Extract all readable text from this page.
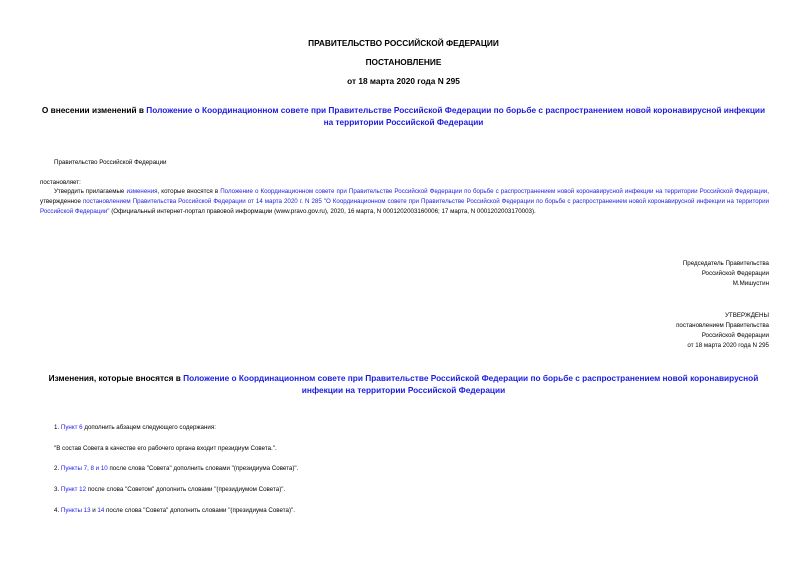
ПРАВИТЕЛЬСТВО РОССИЙСКОЙ ФЕДЕРАЦИИ
ПОСТАНОВЛЕНИЕ
от 18 марта 2020 года N 295
О внесении изменений в Положение о Координационном совете при Правительстве Российской Федерации по борьбе с распространением новой коронавирусной инфекции на территории Российской Федерации
Правительство Российской Федерации
постановляет:
Утвердить прилагаемые изменения, которые вносятся в Положение о Координационном совете при Правительстве Российской Федерации по борьбе с распространением новой коронавирусной инфекции на территории Российской Федерации, утвержденное постановлением Правительства Российской Федерации от 14 марта 2020 г. N 285 "О Координационном совете при Правительстве Российской Федерации по борьбе с распространением новой коронавирусной инфекции на территории Российской Федерации" (Официальный интернет-портал правовой информации (www.pravo.gov.ru), 2020, 16 марта, N 0001202003160006; 17 марта, N 0001202003170003).
Председатель Правительства
Российской Федерации
М.Мишустин
УТВЕРЖДЕНЫ
постановлением Правительства
Российской Федерации
от 18 марта 2020 года N 295
Изменения, которые вносятся в Положение о Координационном совете при Правительстве Российской Федерации по борьбе с распространением новой коронавирусной инфекции на территории Российской Федерации
1. Пункт 6 дополнить абзацем следующего содержания:
"В состав Совета в качестве его рабочего органа входит президиум Совета.".
2. Пункты 7, 8 и 10 после слова "Совета" дополнить словами "(президиума Совета)".
3. Пункт 12 после слова "Советом" дополнить словами "(президиумом Совета)".
4. Пункты 13 и 14 после слова "Совета" дополнить словами "(президиума Совета)".
